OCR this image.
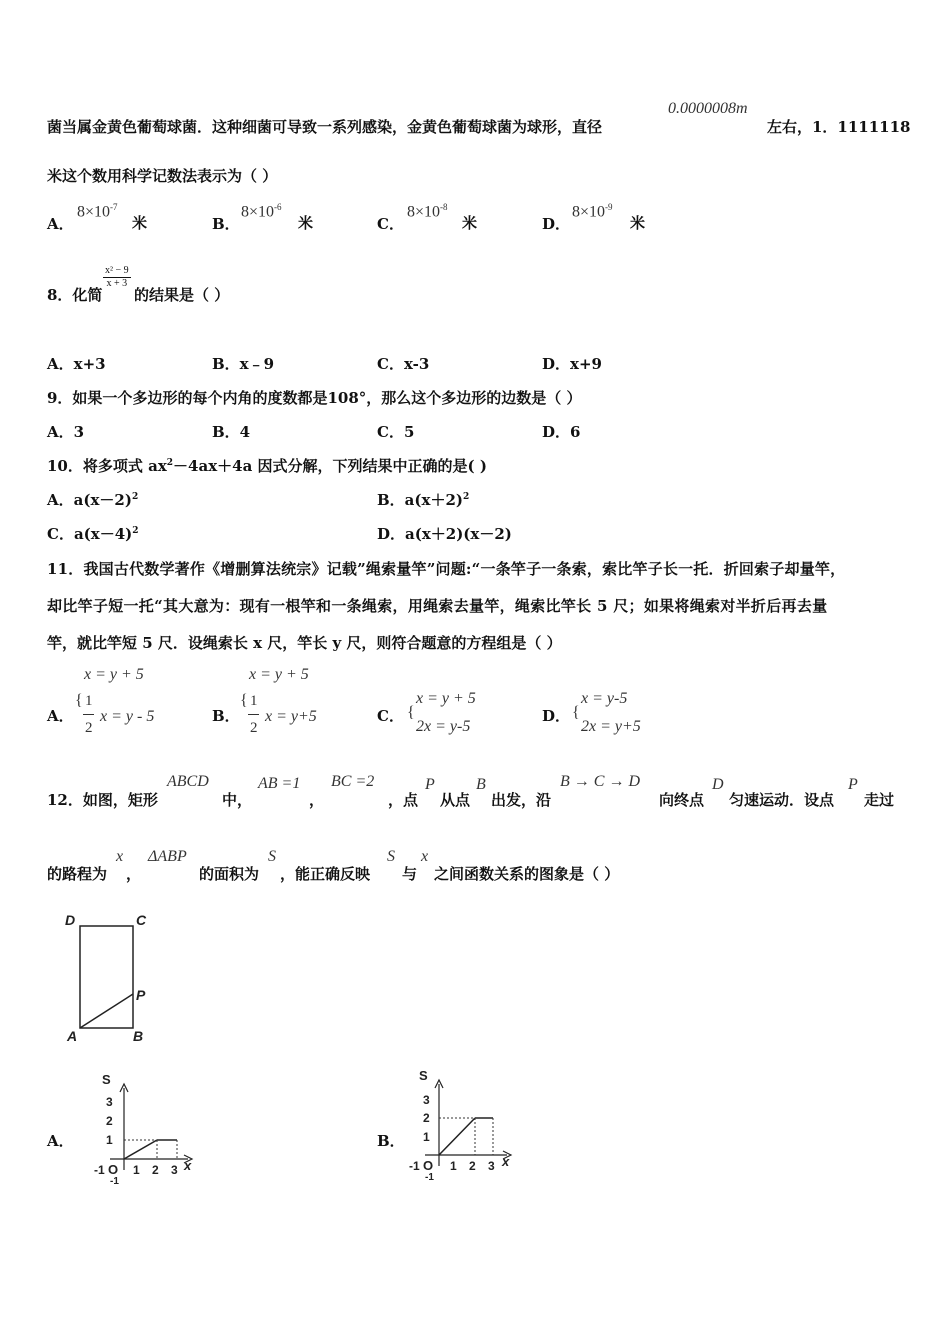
菌当属金黄色葡萄球菌．这种细菌可导致一系列感染，金黄色葡萄球菌为球形，直径
0.0000008m
左右，1．1111118
米这个数用科学记数法表示为（ ）
A．
$8\times 10^{-7}$
米	B．
$8\times 10^{-6}$
米	C．
$8\times 10^{-8}$
米	D．
$8\times 10^{-9}$
米
8．化简
$\frac{\text{x² − 9}}{x + 3}$
的结果是（ ）
A．x+3	B．x﹣9	C．x-3	D．x+9
9．如果一个多边形的每个内角的度数都是108°，那么这个多边形的边数是（ ）
A．3	B．4	C．5	D．6
10．将多项式 $ax^2-4ax+4a$ 因式分解，下列结果中正确的是( )
A．$a(x-2)^2$	B．$a(x+2)^2$
C．$a(x-4)^2$	D．a(x＋2)(x－2)
11．我国古代数学著作《增删算法统宗》记载”绳索量竿”问题:“一条竿子一条索，索比竿子长一托．折回索子却量竿，
却比竿子短一托“其大意为：现有一根竿和一条绳索，用绳索去量竿，绳索比竿长 5 尺；如果将绳索对半折后再去量
竿，就比竿短 5 尺．设绳索长 x 尺，竿长 y 尺，则符合题意的方程组是（ ）
A．
x = y + 5
{ 1
2
x = y - 5	B．
x = y + 5
{ 1
2
x = y+5	C． {
x = y + 5
2x = y-5
D． {
x = y-5
2x = y+5
12．如图，矩形
ABCD
中，
AB =1
，
BC =2
，点
P
从点
B
出发，沿
B → C → D
向终点
D
匀速运动．设点
P
走过
的路程为
x
，
ΔABP
的面积为
S
，能正确反映
S
与
x
之间函数关系的图象是（ ）
D	C
P
A	B
A．
S
3
2
1
-1 O 1 2 3 x
-1
B．
S
3
2
1
-1 O 1 2 3 x
-1
